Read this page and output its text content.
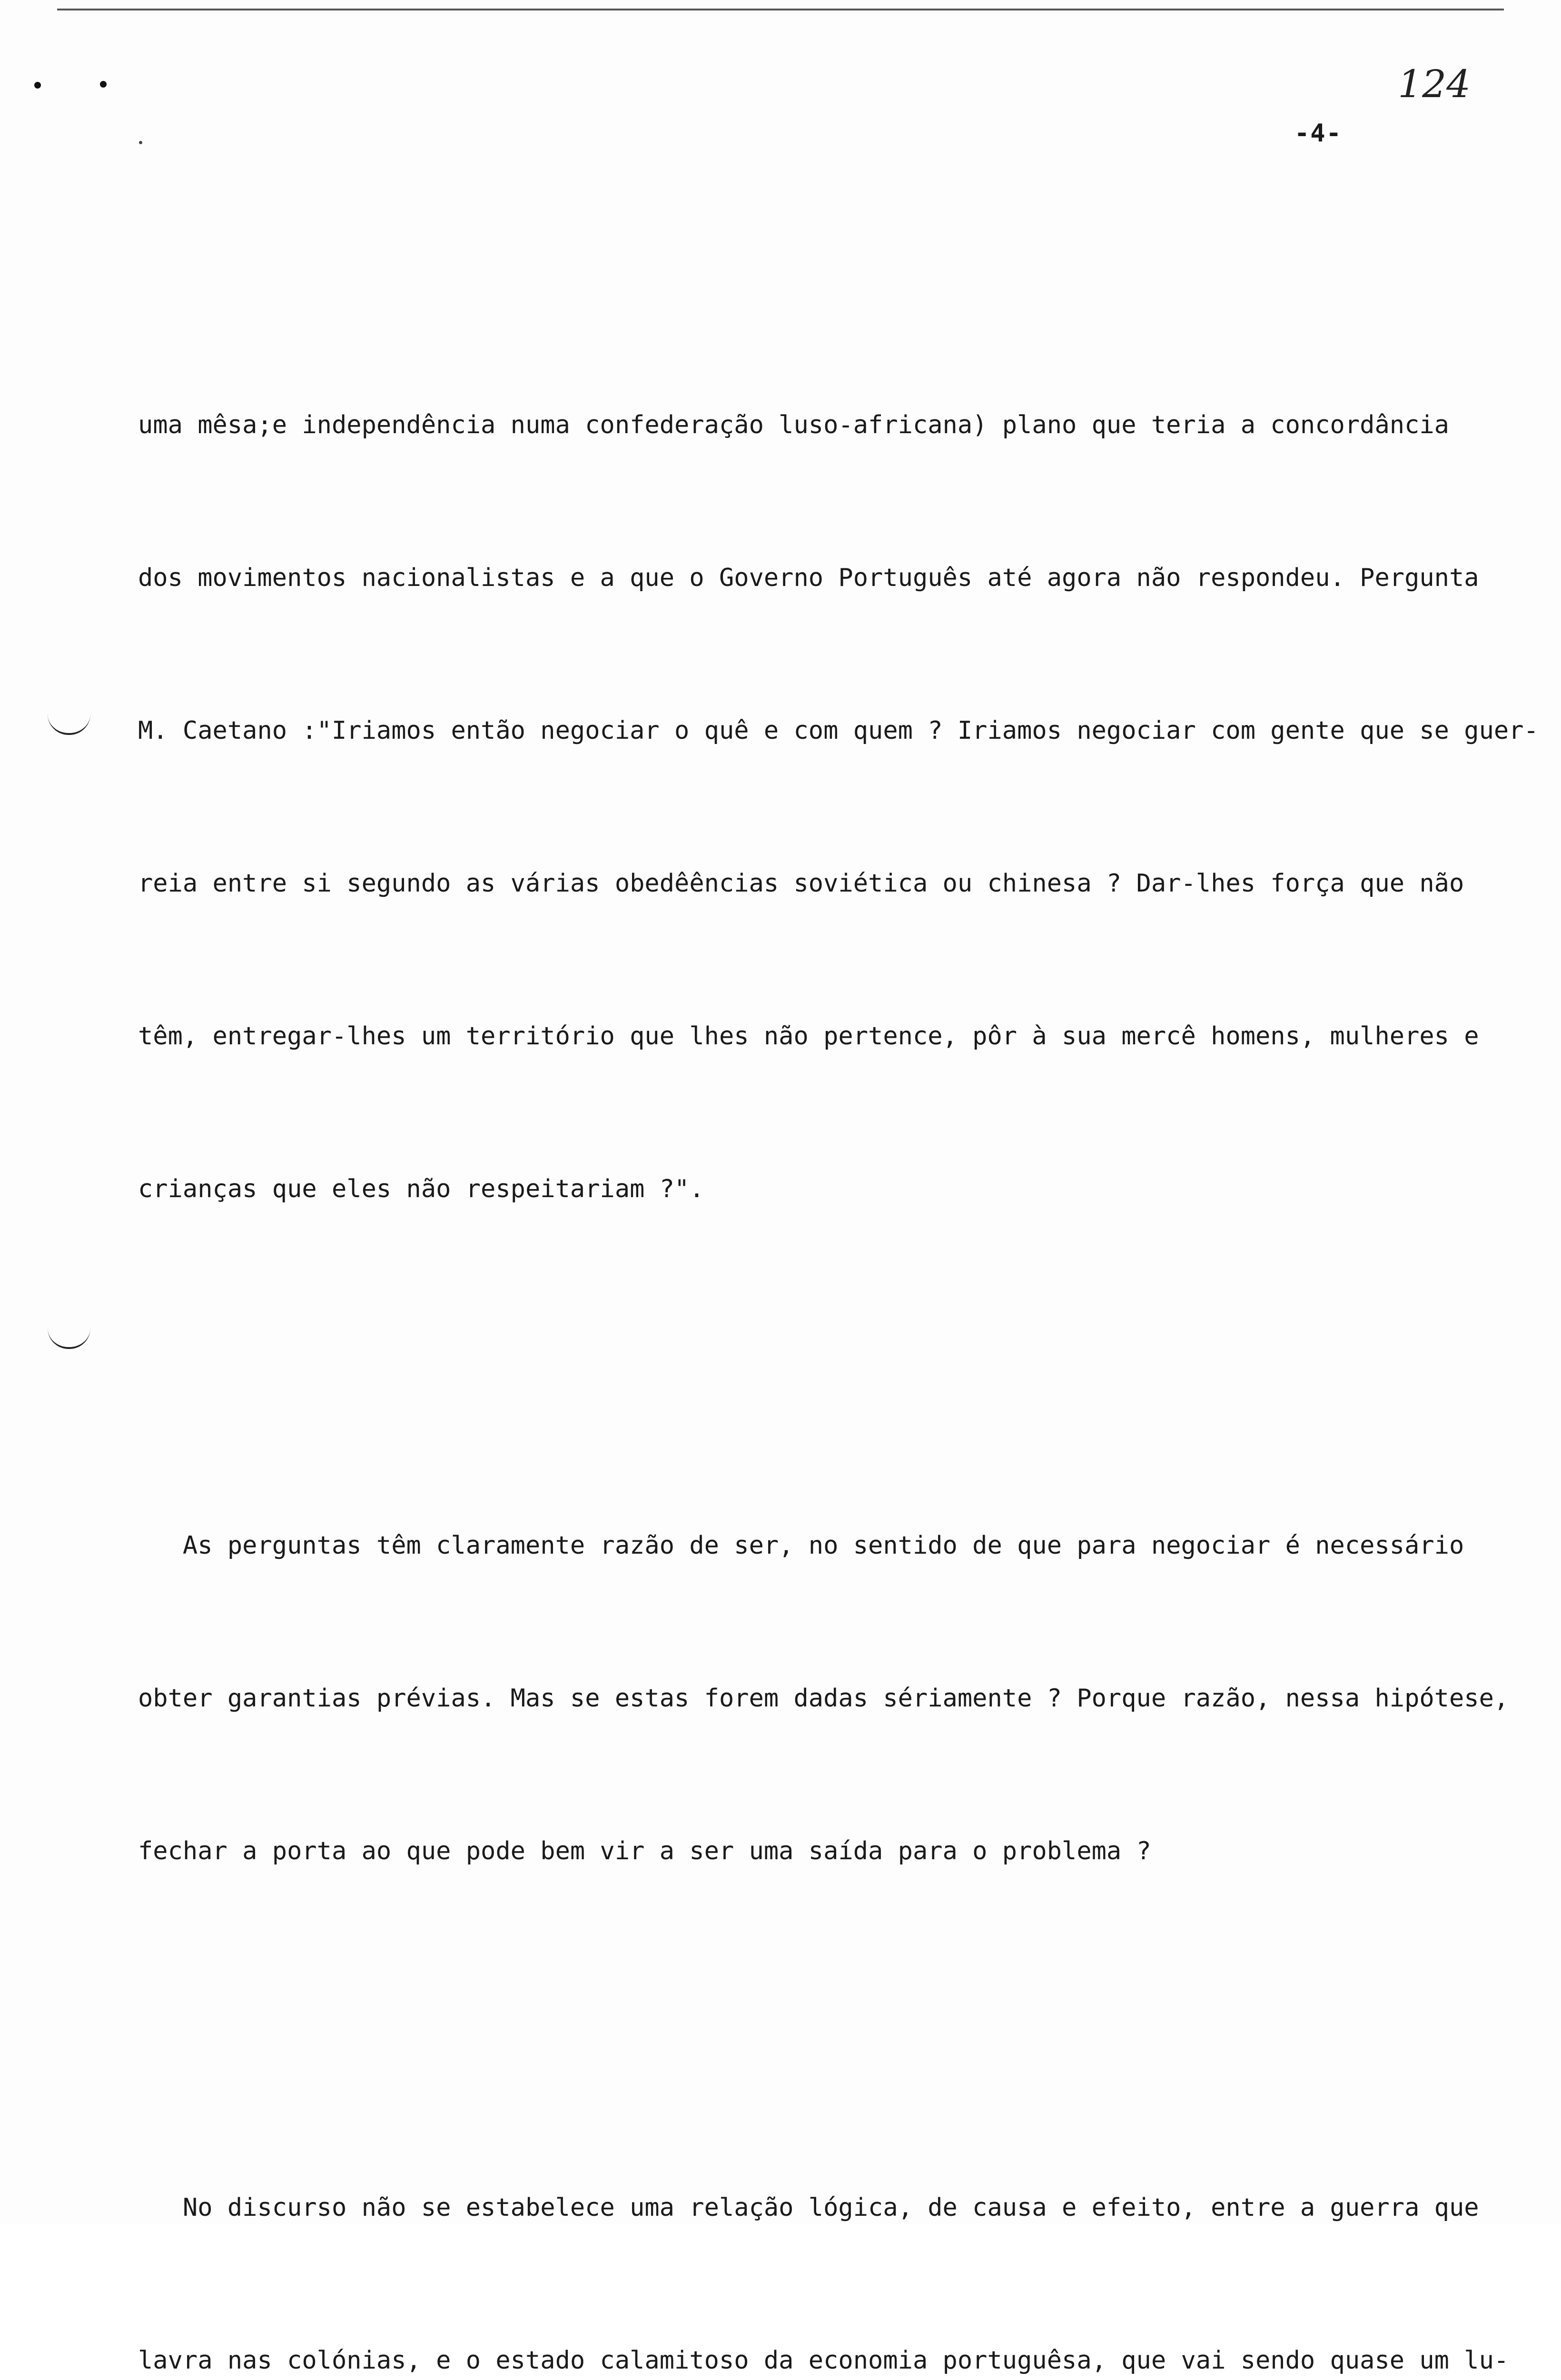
124
-4-

uma mêsa;e independência numa confederação luso-africana) plano que teria a concordância

dos movimentos nacionalistas e a que o Governo Português até agora não respondeu. Pergunta

M. Caetano :"Iriamos então negociar o quê e com quem ? Iriamos negociar com gente que se guer-

reia entre si segundo as várias obedêências soviética ou chinesa ? Dar-lhes força que não

têm, entregar-lhes um território que lhes não pertence, pôr à sua mercê homens, mulheres e

crianças que eles não respeitariam ?".

As perguntas têm claramente razão de ser, no sentido de que para negociar é necessário

obter garantias prévias. Mas se estas forem dadas sériamente ? Porque razão, nessa hipótese,

fechar a porta ao que pode bem vir a ser uma saída para o problema ?

No discurso não se estabelece uma relação lógica, de causa e efeito, entre a guerra que

lavra nas colónias, e o estado calamitoso da economia portuguêsa, que vai sendo quase um lu-
